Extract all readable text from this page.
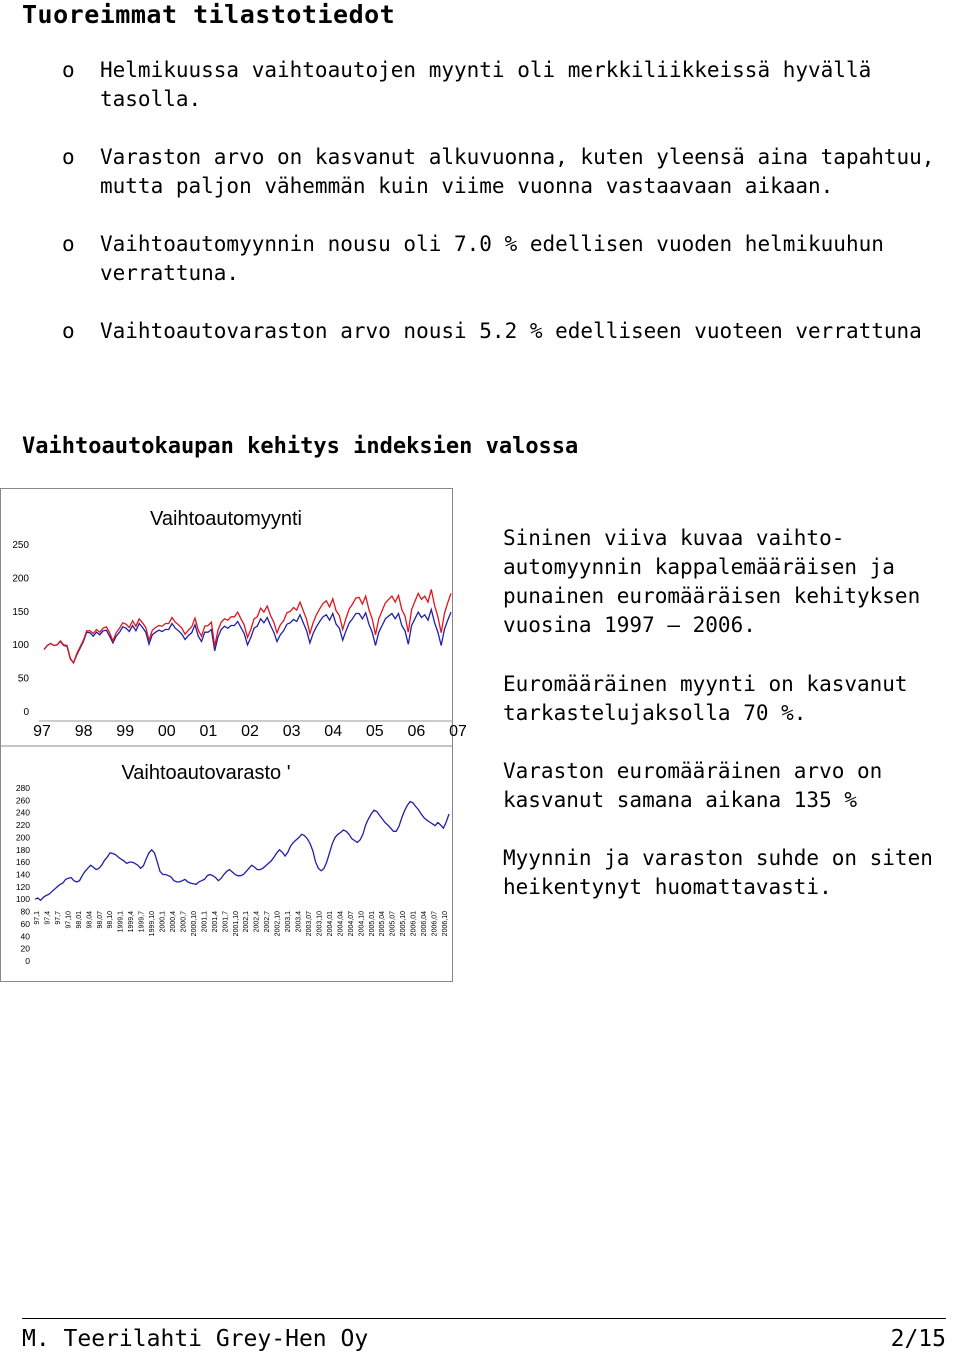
Tuoreimmat tilastotiedot
o Helmikuussa vaihtoautojen myynti oli merkkiliikkeissä hyvällä tasolla.
o Varaston arvo on kasvanut alkuvuonna, kuten yleensä aina tapahtuu, mutta paljon vähemmän kuin viime vuonna vastaavaan aikaan.
o Vaihtoautomyynnin nousu oli 7.0 % edellisen vuoden helmikuuhun verrattuna.
o Vaihtoautovaraston arvo nousi 5.2 % edelliseen vuoteen verrattuna
Vaihtoautokaupan kehitys indeksien valossa
Vaihtoautomyynti
0
50
100
150
200
250
97 98 99 00 01 02 03 04 05 06 07
Vaihtoautovarasto '
0
20
40
60
80
100
120
140
160
180
200
220
240
260
280
97,1 97,4 97,7 97,10 98,01 98,04 98,07 98,10 1999,1 1999,4 1999,7 1999,10 2000,1 2000,4 2000,7 2000,10 2001,1 2001,4 2001,7 2001,10 2002,1 2002,4 2002,7 2002,10 2003,1 2003,4 2003,07 2003,10 2004,01 2004,04 2004,07 2004,10 2005,01 2005,04 2005,07 2005,10 2006,01 2006,04 2006,07 2006,10

Sininen viiva kuvaa vaihto-automyynnin kappalemääräisen ja punainen euromääräisen kehityksen vuosina 1997 – 2006.

Euromääräinen myynti on kasvanut tarkastelujaksolla 70 %.

Varaston euromääräinen arvo on kasvanut samana aikana 135 %

Myynnin ja varaston suhde on siten heikentynyt huomattavasti.

M. Teerilahti Grey-Hen Oy	2/15
